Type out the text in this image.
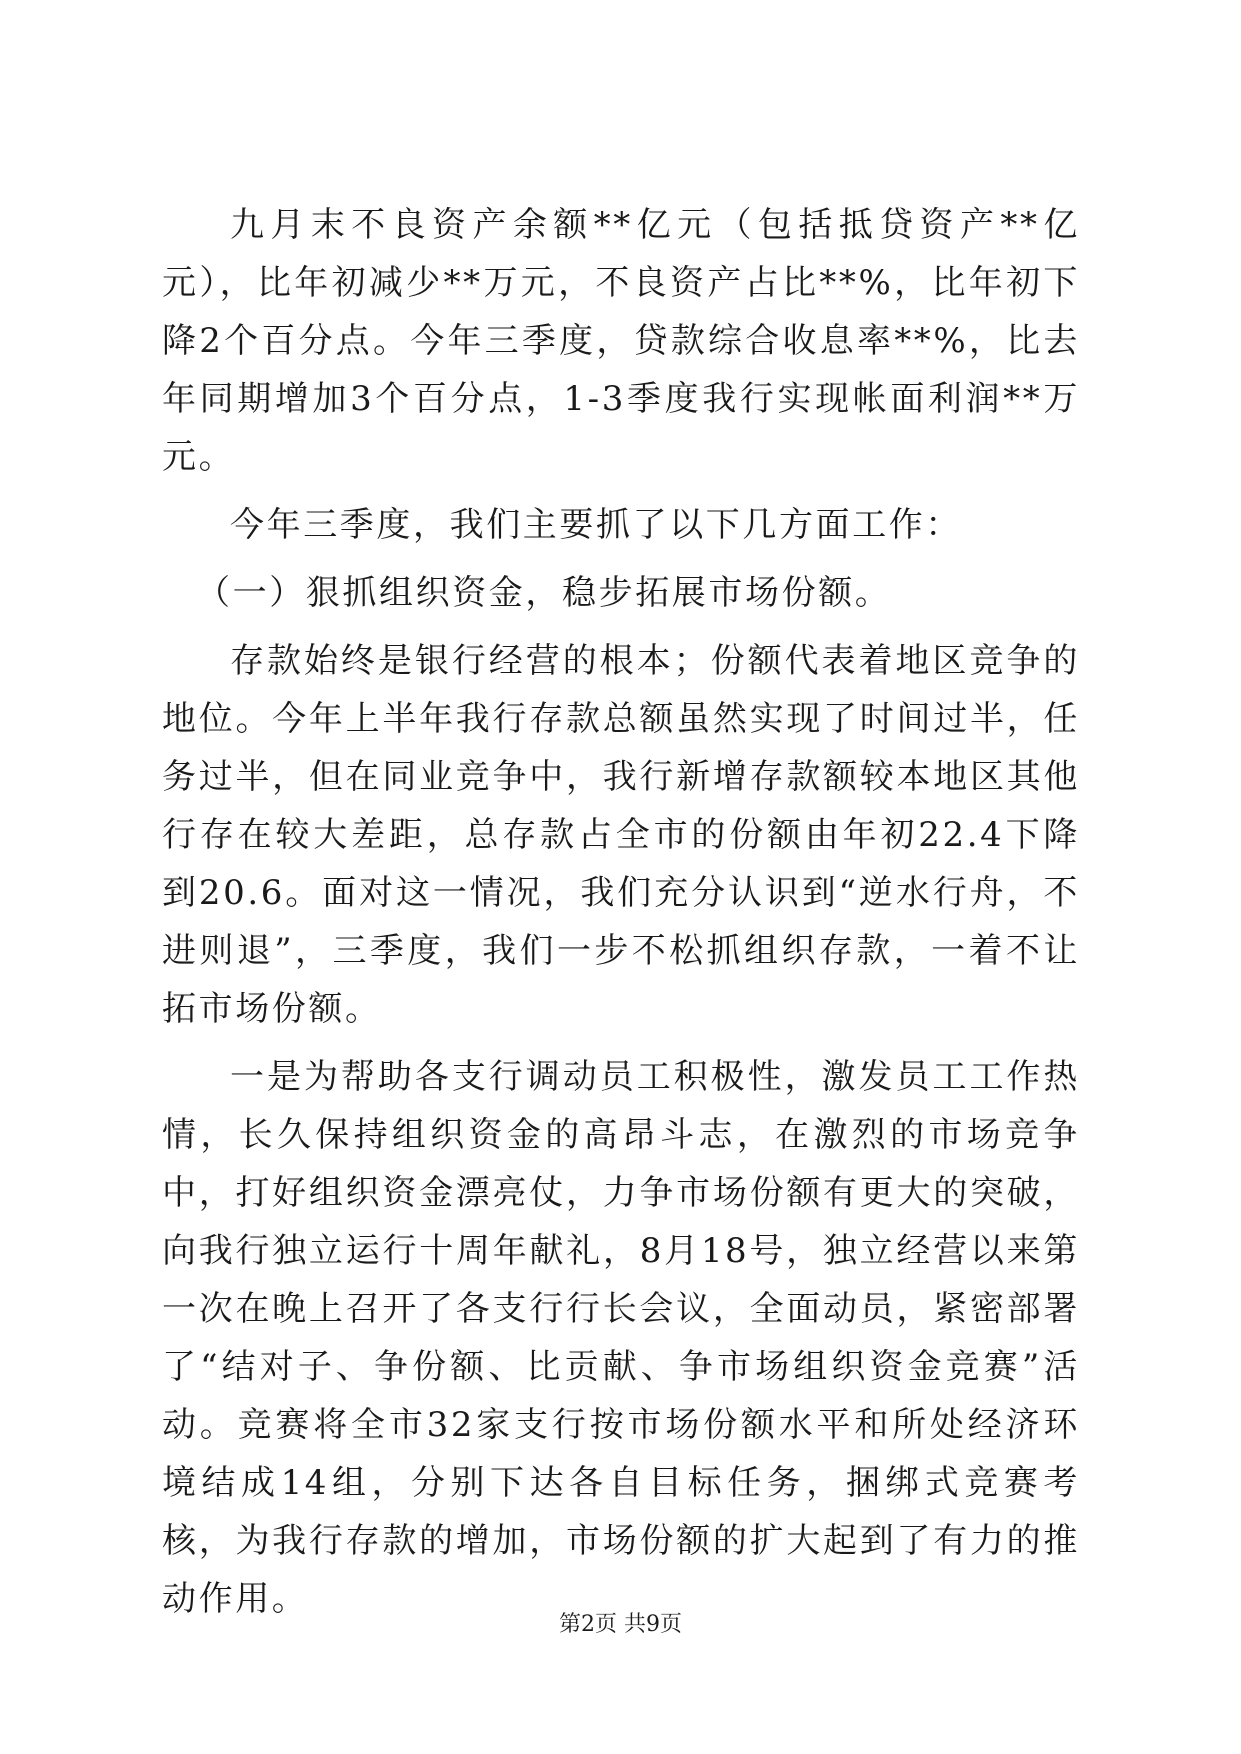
九月末不良资产余额**亿元（包括抵贷资产**亿元），比年初减少**万元，不良资产占比**%，比年初下降2个百分点。今年三季度，贷款综合收息率**%，比去年同期增加3个百分点，1-3季度我行实现帐面利润**万元。

今年三季度，我们主要抓了以下几方面工作：

（一）狠抓组织资金，稳步拓展市场份额。

存款始终是银行经营的根本；份额代表着地区竞争的地位。今年上半年我行存款总额虽然实现了时间过半，任务过半，但在同业竞争中，我行新增存款额较本地区其他行存在较大差距，总存款占全市的份额由年初22.4下降到20.6。面对这一情况，我们充分认识到“逆水行舟，不进则退”，三季度，我们一步不松抓组织存款，一着不让拓市场份额。

一是为帮助各支行调动员工积极性，激发员工工作热情，长久保持组织资金的高昂斗志，在激烈的市场竞争中，打好组织资金漂亮仗，力争市场份额有更大的突破，向我行独立运行十周年献礼，8月18号，独立经营以来第一次在晚上召开了各支行行长会议，全面动员，紧密部署了“结对子、争份额、比贡献、争市场组织资金竞赛”活动。竞赛将全市32家支行按市场份额水平和所处经济环境结成14组，分别下达各自目标任务，捆绑式竞赛考核，为我行存款的增加，市场份额的扩大起到了有力的推动作用。

第2页 共9页
